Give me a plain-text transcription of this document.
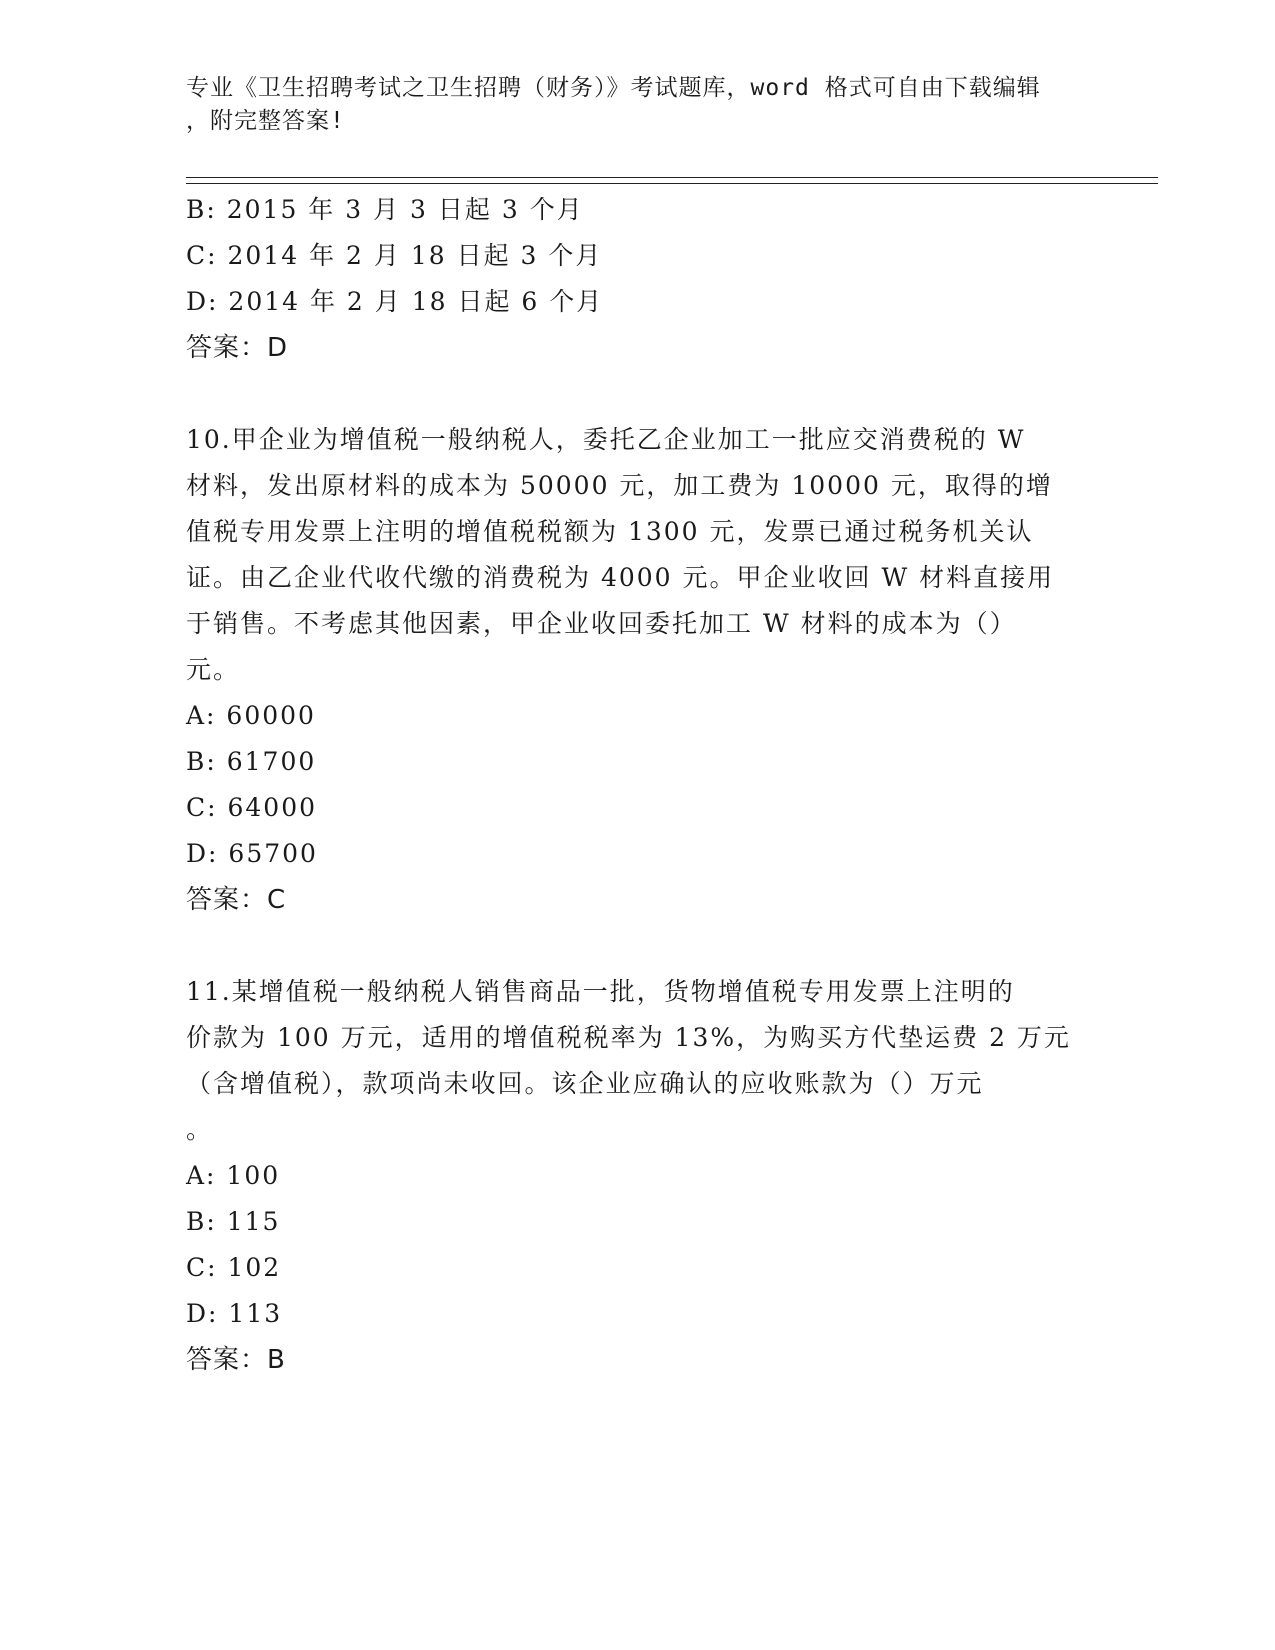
专业《卫生招聘考试之卫生招聘（财务）》考试题库，word 格式可自由下载编辑
，附完整答案!
B: 2015 年 3 月 3 日起 3 个月
C: 2014 年 2 月 18 日起 3 个月
D: 2014 年 2 月 18 日起 6 个月
答案：D
10.甲企业为增值税一般纳税人，委托乙企业加工一批应交消费税的 W
材料，发出原材料的成本为 50000 元，加工费为 10000 元，取得的增
值税专用发票上注明的增值税税额为 1300 元，发票已通过税务机关认
证。由乙企业代收代缴的消费税为 4000 元。甲企业收回 W 材料直接用
于销售。不考虑其他因素，甲企业收回委托加工 W 材料的成本为（）
元。
A: 60000
B: 61700
C: 64000
D: 65700
答案：C
11.某增值税一般纳税人销售商品一批，货物增值税专用发票上注明的
价款为 100 万元，适用的增值税税率为 13%，为购买方代垫运费 2 万元
（含增值税），款项尚未收回。该企业应确认的应收账款为（）万元
。
A: 100
B: 115
C: 102
D: 113
答案：B
